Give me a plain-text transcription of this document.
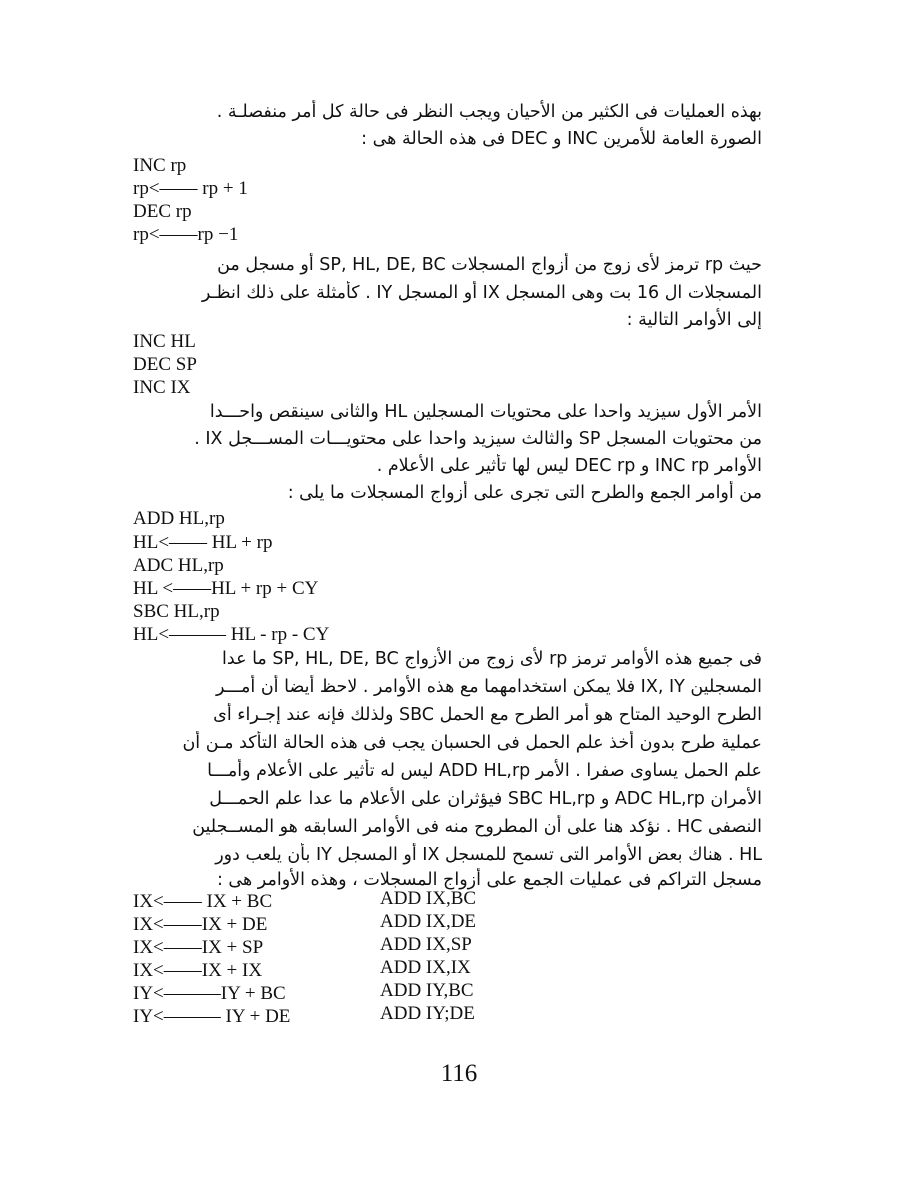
بهذه العمليات فى الكثير من الأحيان ويجب النظر فى حالة كل أمر منفصلـة .
الصورة العامة للأمرين INC و DEC فى هذه الحالة هى :
INC rp
rp<—— rp + 1
DEC rp
rp<——rp −1
حيث rp ترمز لأى زوج من أزواج المسجلات SP, HL, DE, BC أو مسجل من
المسجلات ال 16 بت وهى المسجل IX أو المسجل IY . كأمثلة على ذلك انظـر
إلى الأوامر التالية :
INC HL
DEC SP
INC IX
الأمر الأول سيزيد واحدا على محتويات المسجلين HL والثانى سينقص واحـــدا
من محتويات المسجل SP والثالث سيزيد واحدا على محتويـــات المســـجل IX .
الأوامر INC rp و DEC rp ليس لها تأثير على الأعلام .
من أوامر الجمع والطرح التى تجرى على أزواج المسجلات ما يلى :
ADD HL,rp
HL<—— HL + rp
ADC HL,rp
HL <——HL + rp + CY
SBC HL,rp
HL<——— HL - rp - CY
فى جميع هذه الأوامر ترمز rp لأى زوج من الأزواج SP, HL, DE, BC ما عدا
المسجلين IX, IY فلا يمكن استخدامهما مع هذه الأوامر . لاحظ أيضا أن أمـــر
الطرح الوحيد المتاح هو أمر الطرح مع الحمل SBC ولذلك فإنه عند إجـراء أى
عملية طرح بدون أخذ علم الحمل فى الحسبان يجب فى هذه الحالة التأكد مـن أن
علم الحمل يساوى صفرا . الأمر ADD HL,rp ليس له تأثير على الأعلام وأمـــا
الأمران ADC HL,rp و SBC HL,rp فيؤثران على الأعلام ما عدا علم الحمـــل
النصفى HC . نؤكد هنا على أن المطروح منه فى الأوامر السابقه هو المســجلين
HL . هناك بعض الأوامر التى تسمح للمسجل IX أو المسجل IY بأن يلعب دور
مسجل التراكم فى عمليات الجمع على أزواج المسجلات ، وهذه الأوامر هى :
IX<—— IX + BC	ADD IX,BC
IX<——IX + DE	ADD IX,DE
IX<——IX + SP	ADD IX,SP
IX<——IX + IX	ADD IX,IX
IY<———IY + BC	ADD IY,BC
IY<——— IY + DE	ADD IY;DE
116
